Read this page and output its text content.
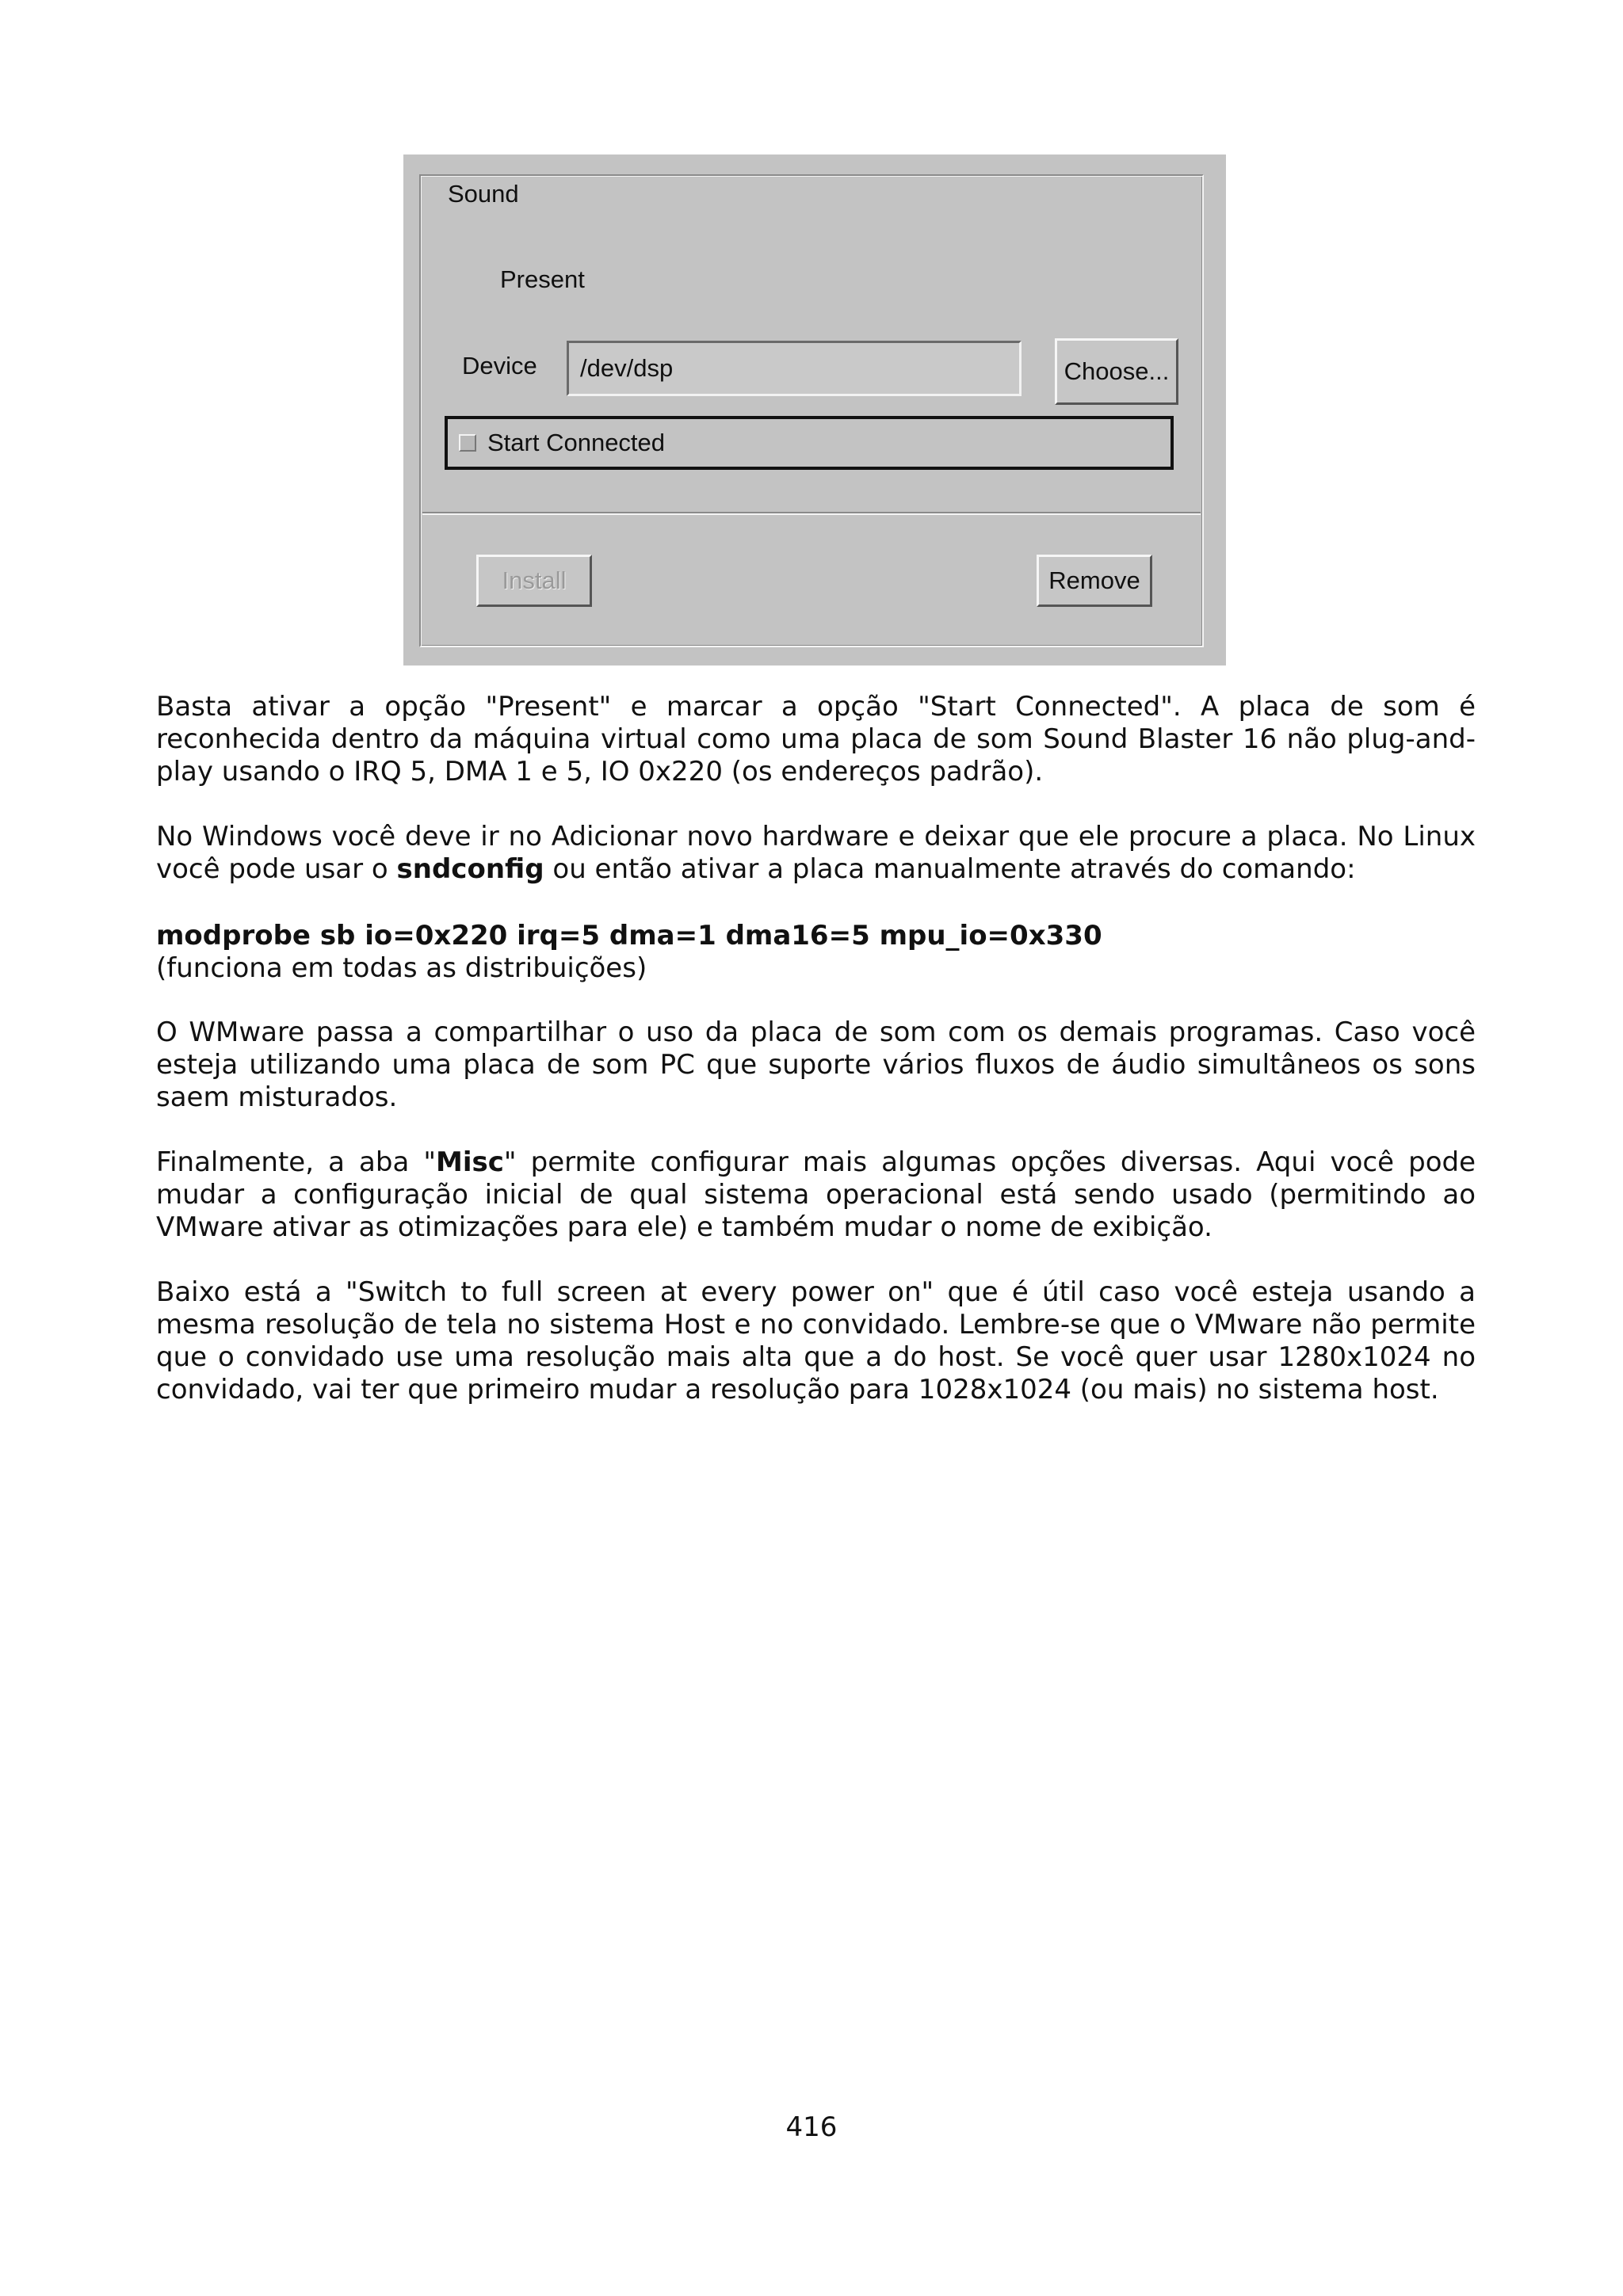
Sound
Present
Device
/dev/dsp	Choose...
Start Connected
Install	Remove

Basta ativar a opção "Present" e marcar a opção "Start Connected". A placa de som é reconhecida dentro da máquina virtual como uma placa de som Sound Blaster 16 não plug-and-play usando o IRQ 5, DMA 1 e 5, IO 0x220 (os endereços padrão).

No Windows você deve ir no Adicionar novo hardware e deixar que ele procure a placa. No Linux você pode usar o sndconfig ou então ativar a placa manualmente através do comando:

modprobe sb io=0x220 irq=5 dma=1 dma16=5 mpu_io=0x330
(funciona em todas as distribuições)

O WMware passa a compartilhar o uso da placa de som com os demais programas. Caso você esteja utilizando uma placa de som PC que suporte vários fluxos de áudio simultâneos os sons saem misturados.

Finalmente, a aba "Misc" permite configurar mais algumas opções diversas. Aqui você pode mudar a configuração inicial de qual sistema operacional está sendo usado (permitindo ao VMware ativar as otimizações para ele) e também mudar o nome de exibição.

Baixo está a "Switch to full screen at every power on" que é útil caso você esteja usando a mesma resolução de tela no sistema Host e no convidado. Lembre-se que o VMware não permite que o convidado use uma resolução mais alta que a do host. Se você quer usar 1280x1024 no convidado, vai ter que primeiro mudar a resolução para 1028x1024 (ou mais) no sistema host.

416
